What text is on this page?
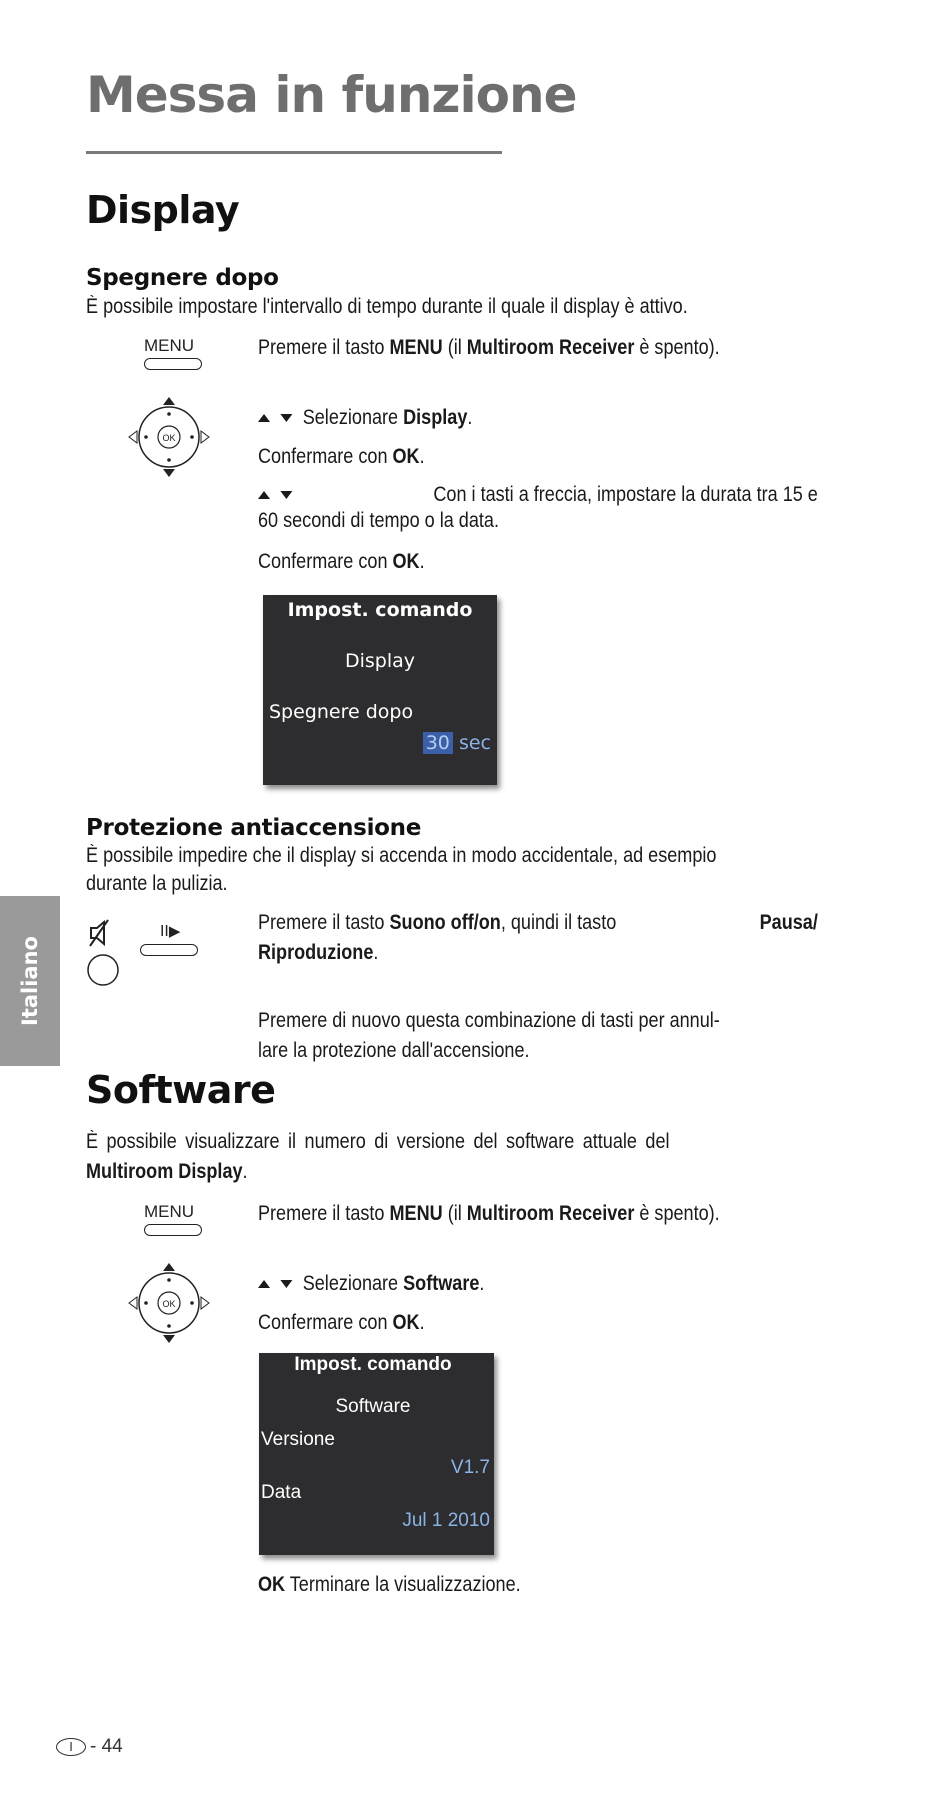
Messa in funzione
Display
Spegnere dopo
È possibile impostare l'intervallo di tempo durante il quale il display è attivo.
MENU	Premere il tasto MENU (il Multiroom Receiver è spento).
OK
Selezionare Display.
Confermare con OK.
Con i tasti a freccia, impostare la durata tra 15 e
60 secondi di tempo o la data.
Confermare con OK.
Impost. comando
Display
Spegnere dopo
30 sec
Protezione antiaccensione
È possibile impedire che il display si accenda in modo accidentale, ad esempio
durante la pulizia.
II▶	Premere il tasto Suono off/on, quindi il tasto	Pausa/
Riproduzione.
Premere di nuovo questa combinazione di tasti per annul-
lare la protezione dall'accensione.
Software
È possibile visualizzare il numero di versione del software attuale del
Multiroom Display.
MENU	Premere il tasto MENU (il Multiroom Receiver è spento).
OK
Selezionare Software.
Confermare con OK.
Impost. comando
Software
Versione
V1.7
Data
Jul 1 2010
OK Terminare la visualizzazione.
Italiano
I - 44
